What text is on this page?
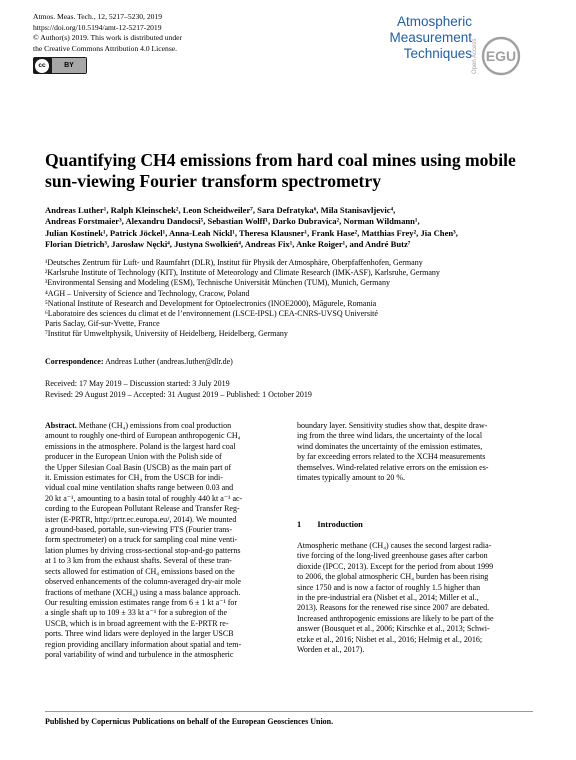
Atmos. Meas. Tech., 12, 5217–5230, 2019
https://doi.org/10.5194/amt-12-5217-2019
© Author(s) 2019. This work is distributed under
the Creative Commons Attribution 4.0 License.
cc	BY
Atmospheric
Measurement
Techniques Open Access EGU
Quantifying CH4 emissions from hard coal mines using mobile
sun-viewing Fourier transform spectrometry
Andreas Luther¹, Ralph Kleinschek², Leon Scheidweiler⁷, Sara Defratyka⁶, Mila Stanisavljevic⁴,
Andreas Forstmaier³, Alexandru Dandocsi⁵, Sebastian Wolff¹, Darko Dubravica², Norman Wildmann¹,
Julian Kostinek¹, Patrick Jöckel¹, Anna-Leah Nickl¹, Theresa Klausner¹, Frank Hase², Matthias Frey², Jia Chen³,
Florian Dietrich³, Jarosław Nęcki⁴, Justyna Swolkień⁴, Andreas Fix¹, Anke Roiger¹, and André Butz⁷
¹Deutsches Zentrum für Luft- und Raumfahrt (DLR), Institut für Physik der Atmosphäre, Oberpfaffenhofen, Germany
²Karlsruhe Institute of Technology (KIT), Institute of Meteorology and Climate Research (IMK-ASF), Karlsruhe, Germany
³Environmental Sensing and Modeling (ESM), Technische Universität München (TUM), Munich, Germany
⁴AGH – University of Science and Technology, Cracow, Poland
⁵National Institute of Research and Development for Optoelectronics (INOE2000), Măgurele, Romania
⁶Laboratoire des sciences du climat et de l’environnement (LSCE-IPSL) CEA-CNRS-UVSQ Université
Paris Saclay, Gif-sur-Yvette, France
⁷Institut für Umweltphysik, University of Heidelberg, Heidelberg, Germany
Correspondence: Andreas Luther (andreas.luther@dlr.de)
Received: 17 May 2019 – Discussion started: 3 July 2019
Revised: 29 August 2019 – Accepted: 31 August 2019 – Published: 1 October 2019
Abstract. Methane (CH₄) emissions from coal production
amount to roughly one-third of European anthropogenic CH₄
emissions in the atmosphere. Poland is the largest hard coal
producer in the European Union with the Polish side of
the Upper Silesian Coal Basin (USCB) as the main part of
it. Emission estimates for CH₄ from the USCB for indi-
vidual coal mine ventilation shafts range between 0.03 and
20 kt a⁻¹, amounting to a basin total of roughly 440 kt a⁻¹ ac-
cording to the European Pollutant Release and Transfer Reg-
ister (E-PRTR, http://prtr.ec.europa.eu/, 2014). We mounted
a ground-based, portable, sun-viewing FTS (Fourier trans-
form spectrometer) on a truck for sampling coal mine venti-
lation plumes by driving cross-sectional stop-and-go patterns
at 1 to 3 km from the exhaust shafts. Several of these tran-
sects allowed for estimation of CH₄ emissions based on the
observed enhancements of the column-averaged dry-air mole
fractions of methane (XCH₄) using a mass balance approach.
Our resulting emission estimates range from 6 ± 1 kt a⁻¹ for
a single shaft up to 109 ± 33 kt a⁻¹ for a subregion of the
USCB, which is in broad agreement with the E-PRTR re-
ports. Three wind lidars were deployed in the larger USCB
region providing ancillary information about spatial and tem-
poral variability of wind and turbulence in the atmospheric
boundary layer. Sensitivity studies show that, despite draw-
ing from the three wind lidars, the uncertainty of the local
wind dominates the uncertainty of the emission estimates,
by far exceeding errors related to the XCH4 measurements
themselves. Wind-related relative errors on the emission es-
timates typically amount to 20 %.
1 Introduction
Atmospheric methane (CH₄) causes the second largest radia-
tive forcing of the long-lived greenhouse gases after carbon
dioxide (IPCC, 2013). Except for the period from about 1999
to 2006, the global atmospheric CH₄ burden has been rising
since 1750 and is now a factor of roughly 1.5 higher than
in the pre-industrial era (Nisbet et al., 2014; Miller et al.,
2013). Reasons for the renewed rise since 2007 are debated.
Increased anthropogenic emissions are likely to be part of the
answer (Bousquet et al., 2006; Kirschke et al., 2013; Schwi-
etzke et al., 2016; Nisbet et al., 2016; Helmig et al., 2016;
Worden et al., 2017).
Published by Copernicus Publications on behalf of the European Geosciences Union.
